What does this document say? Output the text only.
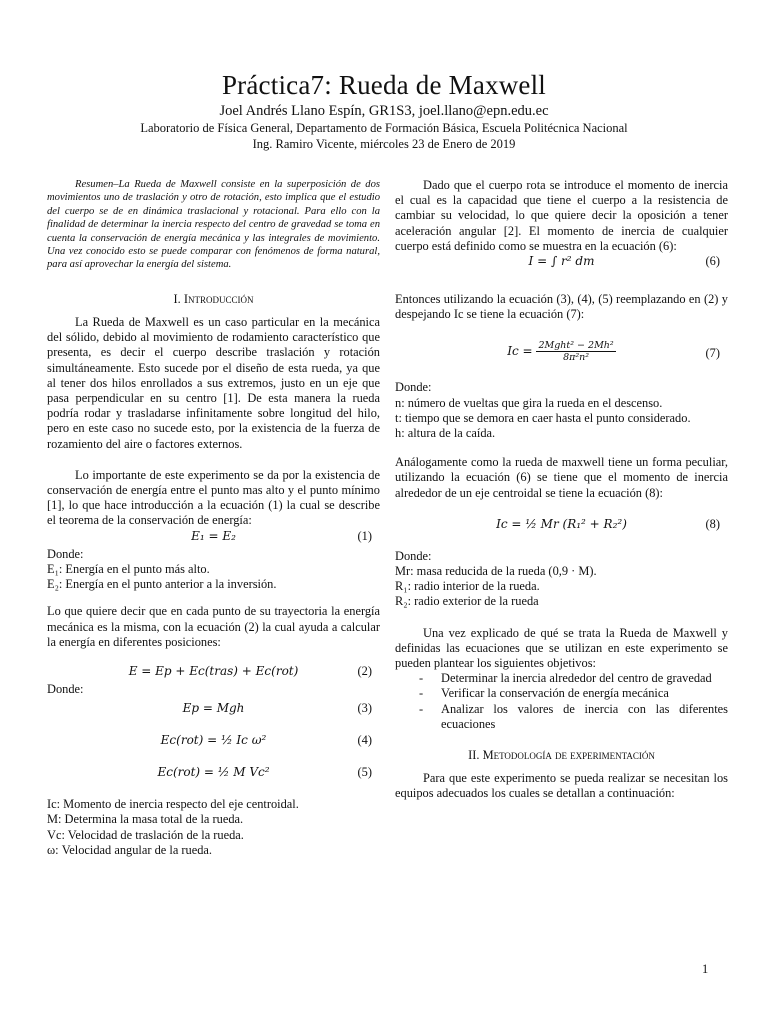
Práctica7: Rueda de Maxwell
Joel Andrés Llano Espín, GR1S3, joel.llano@epn.edu.ec
Laboratorio de Física General, Departamento de Formación Básica, Escuela Politécnica Nacional
Ing. Ramiro Vicente, miércoles 23 de Enero de 2019

Resumen–La Rueda de Maxwell consiste en la superposición de dos movimientos uno de traslación y otro de rotación, esto implica que el estudio del cuerpo se de en dinámica traslacional y rotacional. Para ello con la finalidad de determinar la inercia respecto del centro de gravedad se toma en cuenta la conservación de energía mecánica y las integrales de movimiento. Una vez conocido esto se puede comparar con fenómenos de forma natural, para así aprovechar la energía del sistema.

I. Introducción

La Rueda de Maxwell es un caso particular en la mecánica del sólido, debido al movimiento de rodamiento característico que presenta, es decir el cuerpo describe traslación y rotación simultáneamente. Esto sucede por el diseño de esta rueda, ya que al tener dos hilos enrollados a sus extremos, justo en un eje que pasa perpendicular en su centro [1]. De esta manera la rueda podría rodar y trasladarse infinitamente sobre longitud del hilo, pero en este caso no sucede esto, por la existencia de la fuerza de rozamiento del aire o factores externos.

Lo importante de este experimento se da por la existencia de conservación de energía entre el punto mas alto y el punto mínimo [1], lo que hace introducción a la ecuación (1) la cual se describe el teorema de la conservación de energía:

E₁ = E₂	(1)

Donde:

E₁: Energía en el punto más alto.

E₂: Energía en el punto anterior a la inversión.

Lo que quiere decir que en cada punto de su trayectoria la energía mecánica es la misma, con la ecuación (2) la cual ayuda a calcular la energía en diferentes posiciones:

E = Ep + Ec(tras) + Ec(rot)	(2)

Donde:

Ep = Mgh	(3)
Ec(rot) = ½ Ic ω²	(4)
Ec(rot) = ½ M Vc²	(5)

Ic: Momento de inercia respecto del eje centroidal.

M: Determina la masa total de la rueda.

Vc: Velocidad de traslación de la rueda.

ω: Velocidad angular de la rueda.

Dado que el cuerpo rota se introduce el momento de inercia el cual es la capacidad que tiene el cuerpo a la resistencia de cambiar su velocidad, lo que quiere decir la oposición a tener aceleración angular [2]. El momento de inercia de cualquier cuerpo está definido como se muestra en la ecuación (6):

I = ∫ r² dm	(6)

Entonces utilizando la ecuación (3), (4), (5) reemplazando en (2) y despejando Ic se tiene la ecuación (7):

$Ic = \frac{\text{2Mght² − 2Mh²}}{\text{8π²n²}}$	(7)

Donde:

n: número de vueltas que gira la rueda en el descenso.

t: tiempo que se demora en caer hasta el punto considerado.

h: altura de la caída.

Análogamente como la rueda de maxwell tiene un forma peculiar, utilizando la ecuación (6) se tiene que el momento de inercia alrededor de un eje centroidal se tiene la ecuación (8):

Ic = ½ Mr (R₁² + R₂²)	(8)

Donde:

Mr: masa reducida de la rueda (0,9 · M).

R₁: radio interior de la rueda.

R₂: radio exterior de la rueda

Una vez explicado de qué se trata la Rueda de Maxwell y definidas las ecuaciones que se utilizan en este experimento se pueden plantear los siguientes objetivos:

- Determinar la inercia alrededor del centro de gravedad
- Verificar la conservación de energía mecánica
- Analizar los valores de inercia con las diferentes ecuaciones

II. Metodología de experimentación

Para que este experimento se pueda realizar se necesitan los equipos adecuados los cuales se detallan a continuación:

1
